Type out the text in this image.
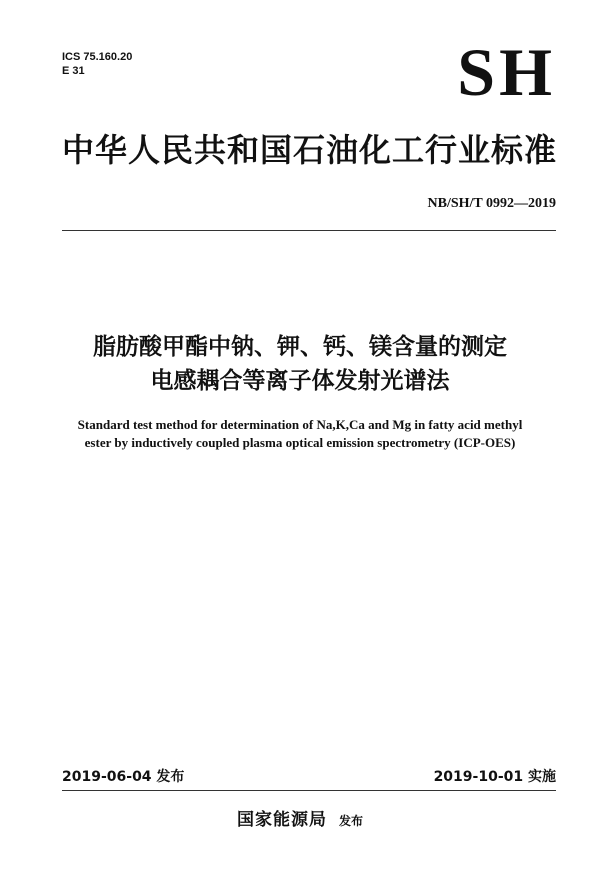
ICS 75.160.20
E 31	SH
中华人民共和国石油化工行业标准
NB/SH/T 0992—2019
脂肪酸甲酯中钠、钾、钙、镁含量的测定
电感耦合等离子体发射光谱法
Standard test method for determination of Na,K,Ca and Mg in fatty acid methyl
ester by inductively coupled plasma optical emission spectrometry (ICP-OES)
2019-06-04 发布	2019-10-01 实施
国家能源局 发布
